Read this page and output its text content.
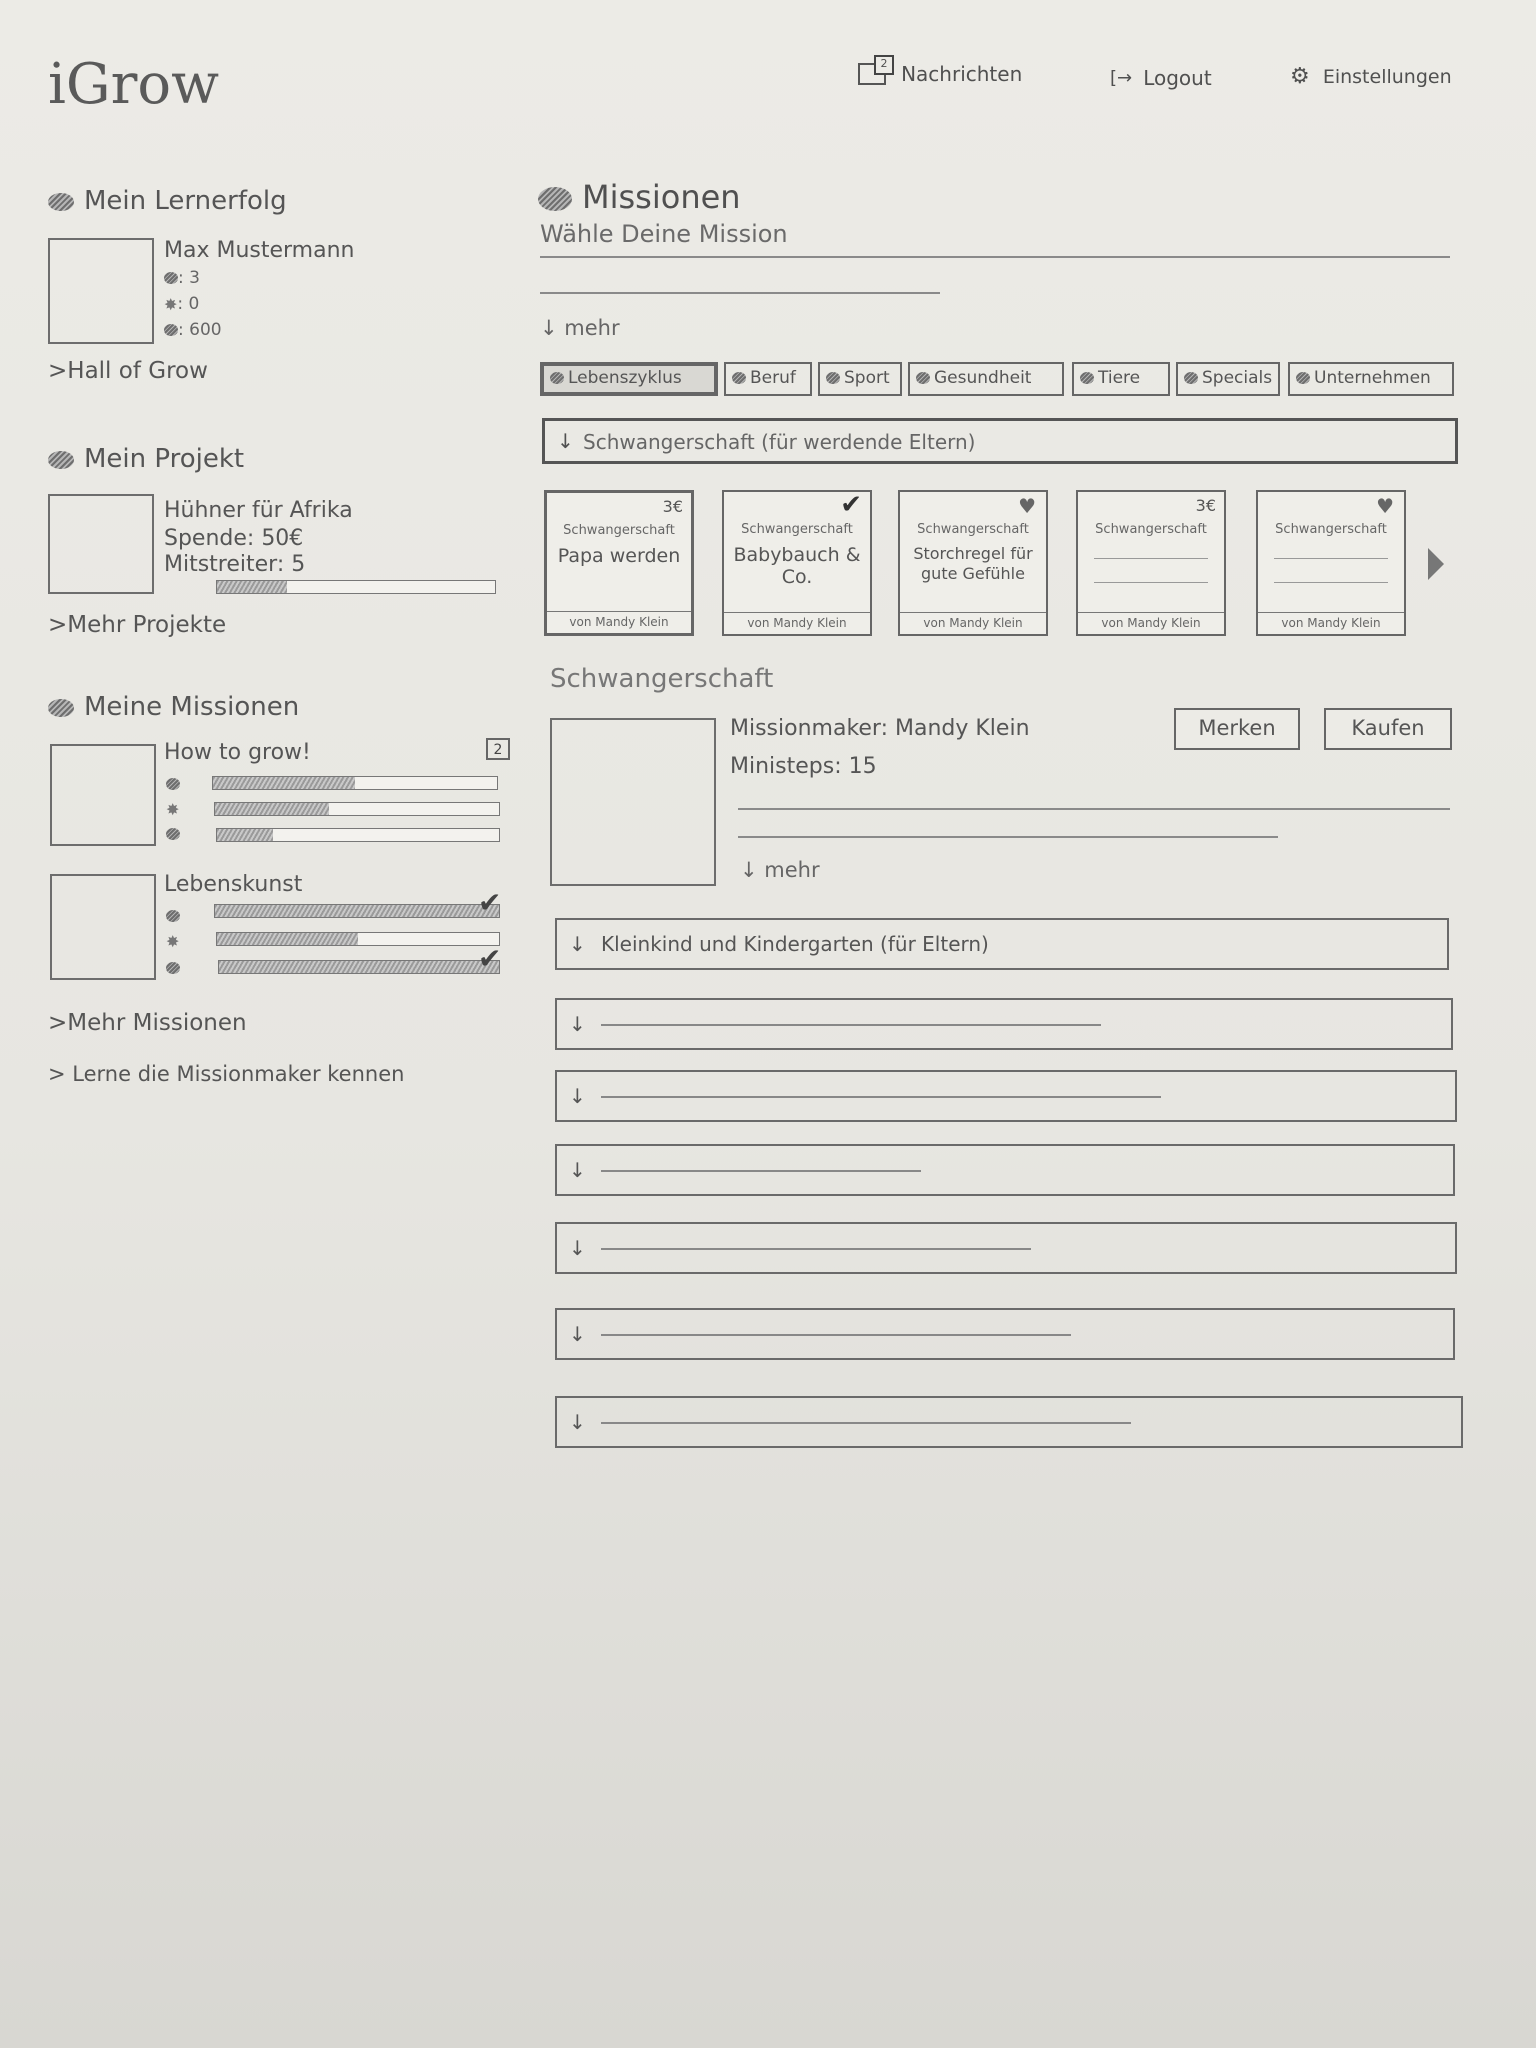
iGrow	2 Nachrichten	[→ Logout	⚙ Einstellungen
Mein Lernerfolg
Max Mustermann
: 3
✸: 0
: 600
>Hall of Grow
Mein Projekt
Hühner für Afrika
Spende: 50€
Mitstreiter: 5
>Mehr Projekte
Meine Missionen
How to grow!	2
✸
Lebenskunst
✸
✔
✔
>Mehr Missionen
> Lerne die Missionmaker kennen
Missionen
Wähle Deine Mission
↓ mehr
Lebenszyklus	Beruf	Sport	Gesundheit	Tiere	Specials	Unternehmen
↓ Schwangerschaft (für werdende Eltern)
3€
Schwangerschaft
Papa werden
von Mandy Klein
✔
Schwangerschaft
Babybauch & Co.
von Mandy Klein
♥
Schwangerschaft
Storchregel für gute Gefühle
von Mandy Klein
3€
Schwangerschaft
von Mandy Klein
♥
Schwangerschaft
von Mandy Klein
Schwangerschaft
Missionmaker: Mandy Klein
Ministeps: 15
Merken	Kaufen
↓ mehr
↓ Kleinkind und Kindergarten (für Eltern)
↓
↓
↓
↓
↓
↓
